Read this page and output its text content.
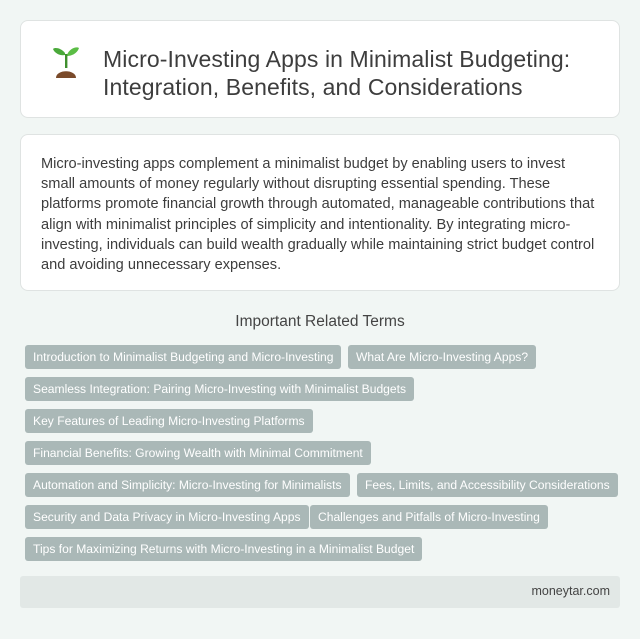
Micro-Investing Apps in Minimalist Budgeting: Integration, Benefits, and Considerations

Micro-investing apps complement a minimalist budget by enabling users to invest small amounts of money regularly without disrupting essential spending. These platforms promote financial growth through automated, manageable contributions that align with minimalist principles of simplicity and intentionality. By integrating micro-investing, individuals can build wealth gradually while maintaining strict budget control and avoiding unnecessary expenses.

Important Related Terms
Introduction to Minimalist Budgeting and Micro-Investing	What Are Micro-Investing Apps?
Seamless Integration: Pairing Micro-Investing with Minimalist Budgets
Key Features of Leading Micro-Investing Platforms
Financial Benefits: Growing Wealth with Minimal Commitment
Automation and Simplicity: Micro-Investing for Minimalists	Fees, Limits, and Accessibility Considerations
Security and Data Privacy in Micro-Investing Apps	Challenges and Pitfalls of Micro-Investing
Tips for Maximizing Returns with Micro-Investing in a Minimalist Budget
moneytar.com
